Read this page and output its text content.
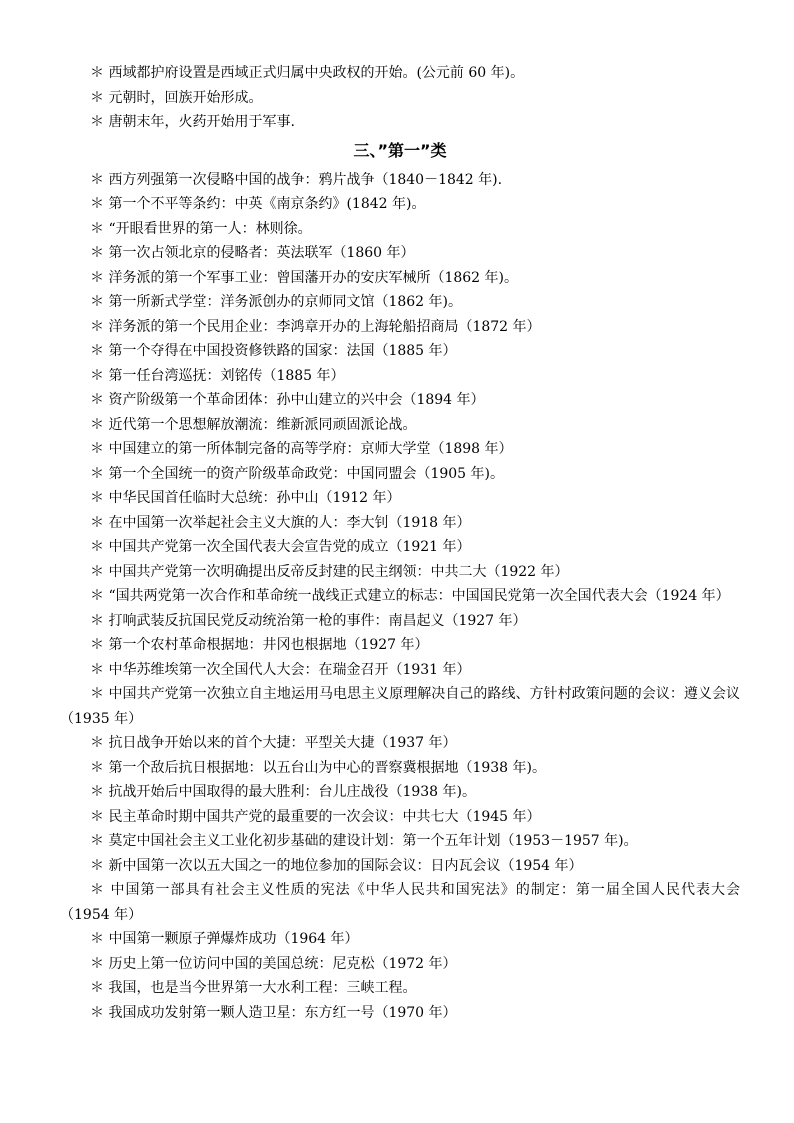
＊ 西域都护府设置是西域正式归属中央政权的开始。(公元前 60 年)。
＊ 元朝时，回族开始形成。
＊ 唐朝末年，火药开始用于军事.
三、”第一”类
＊ 西方列强第一次侵略中国的战争：鸦片战争（1840－1842 年).
＊ 第一个不平等条约：中英《南京条约》(1842 年)。
＊ “开眼看世界的第一人：林则徐。
＊ 第一次占领北京的侵略者：英法联军（1860 年）
＊ 洋务派的第一个军事工业：曾国藩开办的安庆军械所（1862 年)。
＊ 第一所新式学堂：洋务派创办的京师同文馆（1862 年)。
＊ 洋务派的第一个民用企业：李鸿章开办的上海轮船招商局（1872 年）
＊ 第一个夺得在中国投资修铁路的国家：法国（1885 年）
＊ 第一任台湾巡抚：刘铭传（1885 年）
＊ 资产阶级第一个革命团体：孙中山建立的兴中会（1894 年）
＊ 近代第一个思想解放潮流：维新派同顽固派论战。
＊ 中国建立的第一所体制完备的高等学府：京师大学堂（1898 年）
＊ 第一个全国统一的资产阶级革命政党：中国同盟会（1905 年)。
＊ 中华民国首任临时大总统：孙中山（1912 年）
＊ 在中国第一次举起社会主义大旗的人：李大钊（1918 年）
＊ 中国共产党第一次全国代表大会宣告党的成立（1921 年）
＊ 中国共产党第一次明确提出反帝反封建的民主纲领：中共二大（1922 年）
＊ “国共两党第一次合作和革命统一战线正式建立的标志：中国国民党第一次全国代表大会（1924 年）
＊ 打响武装反抗国民党反动统治第一枪的事件：南昌起义（1927 年）
＊ 第一个农村革命根据地：井冈也根据地（1927 年）
＊ 中华苏维埃第一次全国代人大会：在瑞金召开（1931 年）
＊ 中国共产党第一次独立自主地运用马电思主义原理解决自己的路线、方针村政策问题的会议：遵义会议（1935 年）
＊ 抗日战争开始以来的首个大捷：平型关大捷（1937 年）
＊ 第一个敌后抗日根据地：以五台山为中心的晋察冀根据地（1938 年)。
＊ 抗战开始后中国取得的最大胜利：台儿庄战役（1938 年)。
＊ 民主革命时期中国共产党的最重要的一次会议：中共七大（1945 年）
＊ 莫定中国社会主义工业化初步基础的建设计划：第一个五年计划（1953－1957 年)。
＊ 新中国第一次以五大国之一的地位参加的国际会议：日内瓦会议（1954 年）
＊ 中国第一部具有社会主义性质的宪法《中华人民共和国宪法》的制定：第一届全国人民代表大会（1954 年）
＊ 中国第一颗原子弹爆炸成功（1964 年）
＊ 历史上第一位访问中国的美国总统：尼克松（1972 年）
＊ 我国，也是当今世界第一大水利工程：三峡工程。
＊ 我国成功发射第一颗人造卫星：东方红一号（1970 年）
